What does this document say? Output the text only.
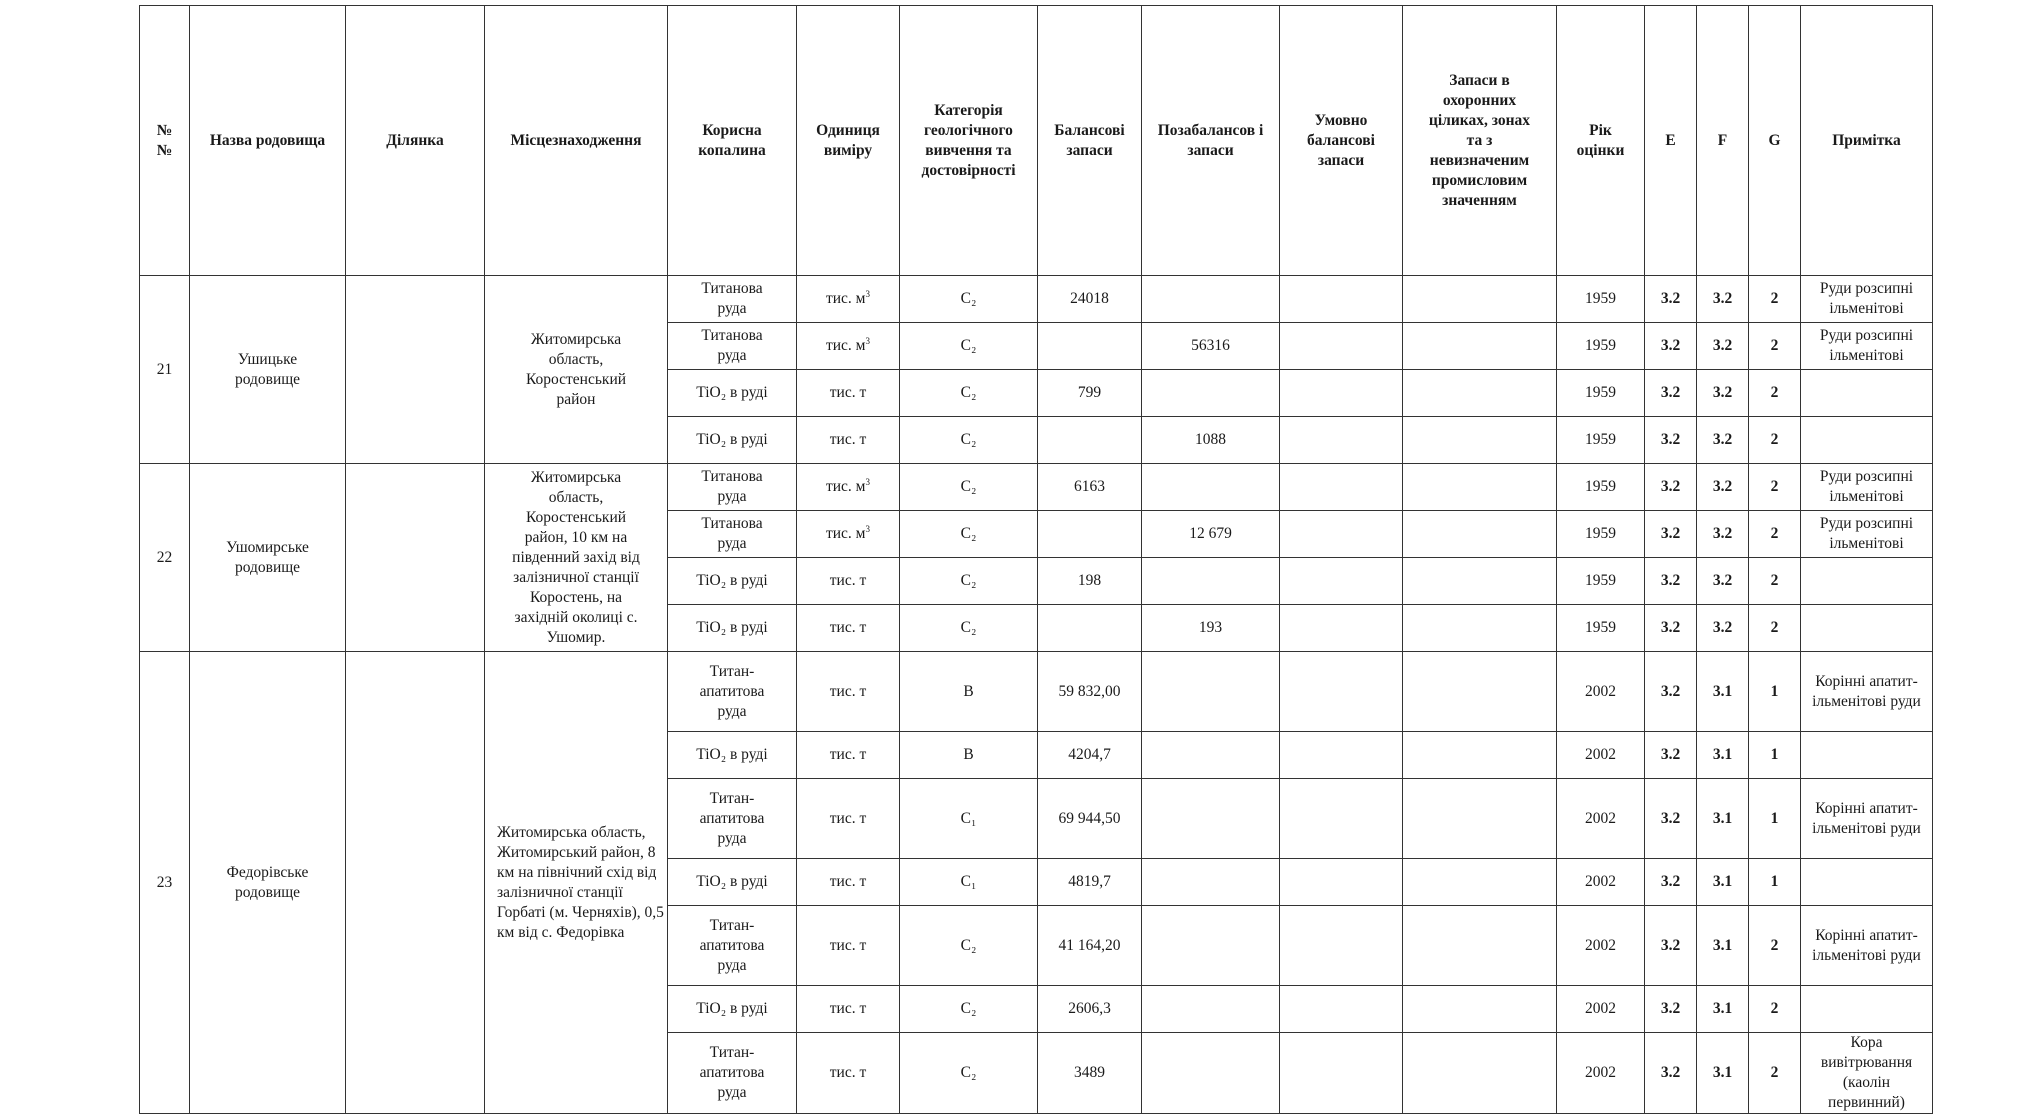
№ №	Назва родовища	Ділянка	Місцезнаходження	Корисна копалина	Одиниця виміру	Категорія геологічного вивчення та достовірності	Балансові запаси	Позабалансов і запаси	Умовно балансові запаси	Запаси в охоронних ціликах, зонах та з невизначеним промисловим значенням	Рік оцінки	E	F	G	Примітка
21	Ушицьке родовище		Житомирська область, Коростенський район	Титанова руда	тис. $м^3$	C₂	24018				1959	3.2	3.2	2	Руди розсипні ільменітові
				Титанова руда	тис. $м^3$	C₂		56316			1959	3.2	3.2	2	Руди розсипні ільменітові
				TiO₂ в руді	тис. т	C₂	799				1959	3.2	3.2	2	
				TiO₂ в руді	тис. т	C₂		1088			1959	3.2	3.2	2	
22	Ушомирське родовище		Житомирська область, Коростенський район, 10 км на південний захід від залізничної станції Коростень, на західній околиці с. Ушомир.	Титанова руда	тис. $м^3$	C₂	6163				1959	3.2	3.2	2	Руди розсипні ільменітові
				Титанова руда	тис. $м^3$	C₂		12 679			1959	3.2	3.2	2	Руди розсипні ільменітові
				TiO₂ в руді	тис. т	C₂	198				1959	3.2	3.2	2	
				TiO₂ в руді	тис. т	C₂		193			1959	3.2	3.2	2	
23	Федорівське родовище		Житомирська область, Житомирський район, 8 км на північний схід від залізничної станції Горбаті (м. Черняхів), 0,5 км від с. Федорівка	Титан-апатитова руда	тис. т	B	59 832,00				2002	3.2	3.1	1	Корінні апатит-ільменітові руди
				TiO₂ в руді	тис. т	B	4204,7				2002	3.2	3.1	1	
				Титан-апатитова руда	тис. т	C₁	69 944,50				2002	3.2	3.1	1	Корінні апатит-ільменітові руди
				TiO₂ в руді	тис. т	C₁	4819,7				2002	3.2	3.1	1	
				Титан-апатитова руда	тис. т	C₂	41 164,20				2002	3.2	3.1	2	Корінні апатит-ільменітові руди
				TiO₂ в руді	тис. т	C₂	2606,3				2002	3.2	3.1	2	
				Титан-апатитова руда	тис. т	C₂	3489				2002	3.2	3.1	2	Кора вивітрювання (каолін первинний)
